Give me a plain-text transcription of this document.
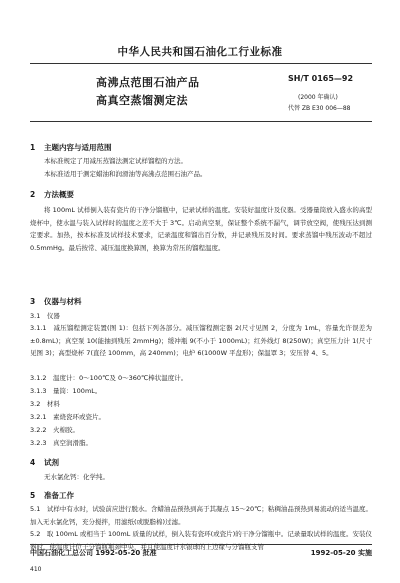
中华人民共和国石油化工行业标准
高沸点范围石油产品
高真空蒸馏测定法
SH/T 0165—92
(2000 年确认)
代替 ZB E30 006—88
1 主题内容与适用范围
本标准规定了用减压蒸馏法测定试样馏程的方法。
本标准适用于测定蜡油和润滑油等高沸点范围石油产品。
2 方法概要
将 100mL 试样倒入装有瓷片的干净分馏瓶中，记录试样的温度。安装好温度计及仪器。受器量筒放入盛水的高型烧杯中，使水温与装入试样时的温度之差不大于 3℃。启动真空泵，保证整个系统不漏气，调节放空阀，使残压达到测定要求。加热，按本标准及试样技术要求，记录温度和馏出百分数，并记录残压及时间。要求蒸馏中残压波动不超过 0.5mmHg。最后按常、减压温度换算图，换算为常压的馏程温度。
3 仪器与材料
3.1　仪器
3.1.1　减压馏程测定装置(图 1)：包括下列各部分。减压馏程测定器 2(尺寸见图 2，分度为 1mL，容量允许误差为 ±0.8mL)；真空泵 10(能抽到残压 2mmHg)；缓冲瓶 9(不小于 1000mL)；红外线灯 8(250W)；真空压力计 1(尺寸见图 3)；高型烧杯 7(直径 100mm，高 240mm)；电炉 6(1000W 平盘形)；保温罩 3；安压替 4、5。
3.1.2　温度计：0～100℃及 0～360℃棒状温度计。
3.1.3　量筒：100mL。
3.2　材料
3.2.1　素烧瓷环或瓷片。
3.2.2　火棉胶。
3.2.3　真空润滑脂。
4 试剂
无水氯化钙：化学纯。
5 准备工作
5.1　试样中有水时，试验前应进行脱水。含蜡油品预热到高于其凝点 15～20℃；粘稠油品预热到易流动的适当温度。加入无水氯化钙，充分搅拌，用滤纸(或脱脂棉)过滤。
5.2　取 100mL 或相当于 100mL 质量的试样，倒入装有瓷环(或瓷片)的干净分馏瓶中。记录量取试样的温度。安装仪器时，使温度计位于分馏瓶瓶颈中央，并且使温度计水银球的上边缘与分馏瓶支管
中国石油化工总公司 1992-05-20 批准	1992-05-20 实施
410
